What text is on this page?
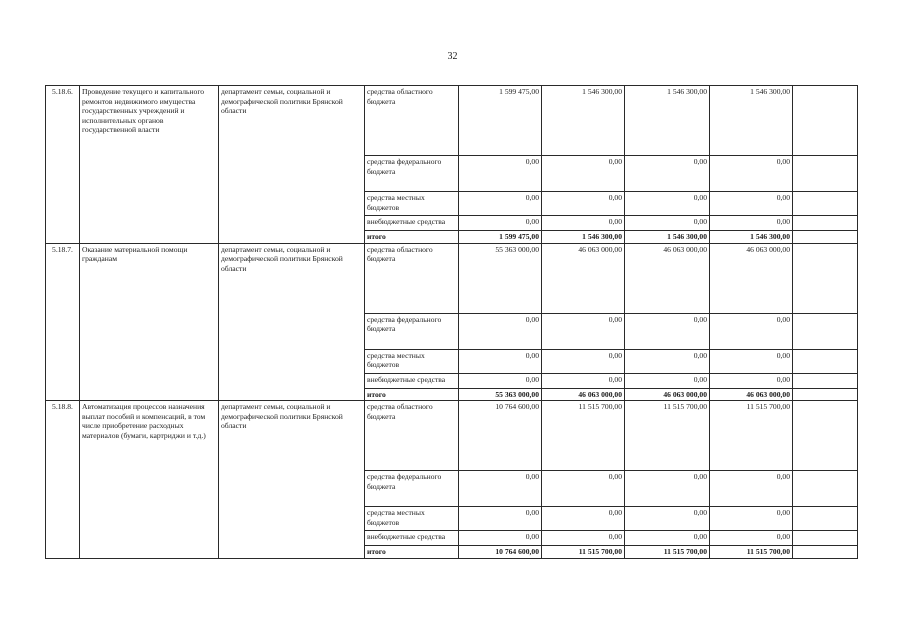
32
5.18.6.	Проведение текущего и капитального ремонтов недвижимого имущества государственных учреждений и исполнительных органов государственной власти	департамент семьи, социальной и демографической политики Брянской области	средства областного бюджета	1 599 475,00	1 546 300,00	1 546 300,00	1 546 300,00	
			средства федерального бюджета	0,00	0,00	0,00	0,00	
			средства местных бюджетов	0,00	0,00	0,00	0,00	
			внебюджетные средства	0,00	0,00	0,00	0,00	
			итого	1 599 475,00	1 546 300,00	1 546 300,00	1 546 300,00	
5.18.7.	Оказание материальной помощи гражданам	департамент семьи, социальной и демографической политики Брянской области	средства областного бюджета	55 363 000,00	46 063 000,00	46 063 000,00	46 063 000,00	
			средства федерального бюджета	0,00	0,00	0,00	0,00	
			средства местных бюджетов	0,00	0,00	0,00	0,00	
			внебюджетные средства	0,00	0,00	0,00	0,00	
			итого	55 363 000,00	46 063 000,00	46 063 000,00	46 063 000,00	
5.18.8.	Автоматизация процессов назначения выплат пособий и компенсаций, в том числе приобретение расходных материалов (бумаги, картриджи и т.д.)	департамент семьи, социальной и демографической политики Брянской области	средства областного бюджета	10 764 600,00	11 515 700,00	11 515 700,00	11 515 700,00	
			средства федерального бюджета	0,00	0,00	0,00	0,00	
			средства местных бюджетов	0,00	0,00	0,00	0,00	
			внебюджетные средства	0,00	0,00	0,00	0,00	
			итого	10 764 600,00	11 515 700,00	11 515 700,00	11 515 700,00	
